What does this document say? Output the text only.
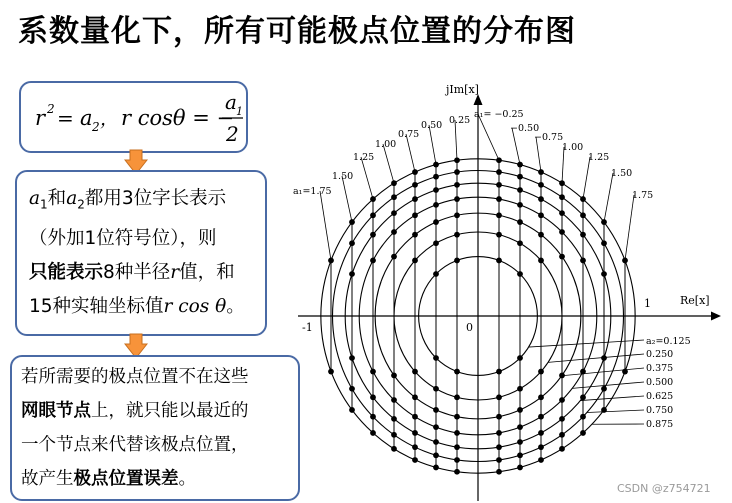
系数量化下，所有可能极点位置的分布图
r 2 = a 2 ， r cosθ = −
a 1
2
$a_1$和$a_2$都用3位字长表示
（外加1位符号位），则
只能表示8种半径r值，和
15种实轴坐标值r cos θ。
若所需要的极点位置不在这些
网眼节点上，就只能以最近的
一个节点来代替该极点位置，
故产生极点位置误差。
jIm[x]
Re[x]
0
1
-1
a₁= −0.25
−0.50
−0.75
1.00
1.25
1.50
1.75
0.25
0.50
0.75
1.00
1.25
1.50
a₁=1.75
a₂=0.125
0.250
0.375
0.500
0.625
0.750
0.875
CSDN @z754721
